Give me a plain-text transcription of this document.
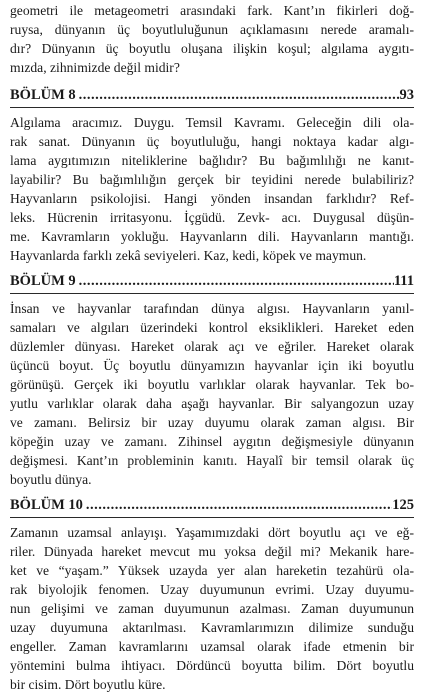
geometri ile metageometri arasındaki fark. Kant’ın fikirleri doğ-
ruysa, dünyanın üç boyutluluğunun açıklamasını nerede aramalı-
dır? Dünyanın üç boyutlu oluşana ilişkin koşul; algılama aygıtı-
mızda, zihnimizde değil midir?
BÖLÜM 8 .....	93
Algılama aracımız. Duygu. Temsil Kavramı. Geleceğin dili ola-
rak sanat. Dünyanın üç boyutluluğu, hangi noktaya kadar algı-
lama aygıtımızın niteliklerine bağlıdır? Bu bağımlılığı ne kanıt-
layabilir? Bu bağımlılığın gerçek bir teyidini nerede bulabiliriz?
Hayvanların psikolojisi. Hangi yönden insandan farklıdır? Ref-
leks. Hücrenin irritasyonu. İçgüdü. Zevk- acı. Duygusal düşün-
me. Kavramların yokluğu. Hayvanların dili. Hayvanların mantığı.
Hayvanlarda farklı zekâ seviyeleri. Kaz, kedi, köpek ve maymun.
BÖLÜM 9 .....	111
İnsan ve hayvanlar tarafından dünya algısı. Hayvanların yanıl-
samaları ve algıları üzerindeki kontrol eksiklikleri. Hareket eden
düzlemler dünyası. Hareket olarak açı ve eğriler. Hareket olarak
üçüncü boyut. Üç boyutlu dünyamızın hayvanlar için iki boyutlu
görünüşü. Gerçek iki boyutlu varlıklar olarak hayvanlar. Tek bo-
yutlu varlıklar olarak daha aşağı hayvanlar. Bir salyangozun uzay
ve zamanı. Belirsiz bir uzay duyumu olarak zaman algısı. Bir
köpeğin uzay ve zamanı. Zihinsel aygıtın değişmesiyle dünyanın
değişmesi. Kant’ın probleminin kanıtı. Hayalî bir temsil olarak üç
boyutlu dünya.
BÖLÜM 10 .....	125
Zamanın uzamsal anlayışı. Yaşamımızdaki dört boyutlu açı ve eğ-
riler. Dünyada hareket mevcut mu yoksa değil mi? Mekanik hare-
ket ve “yaşam.” Yüksek uzayda yer alan hareketin tezahürü ola-
rak biyolojik fenomen. Uzay duyumunun evrimi. Uzay duyumu-
nun gelişimi ve zaman duyumunun azalması. Zaman duyumunun
uzay duyumuna aktarılması. Kavramlarımızın dilimize sunduğu
engeller. Zaman kavramlarını uzamsal olarak ifade etmenin bir
yöntemini bulma ihtiyacı. Dördüncü boyutta bilim. Dört boyutlu
bir cisim. Dört boyutlu küre.
